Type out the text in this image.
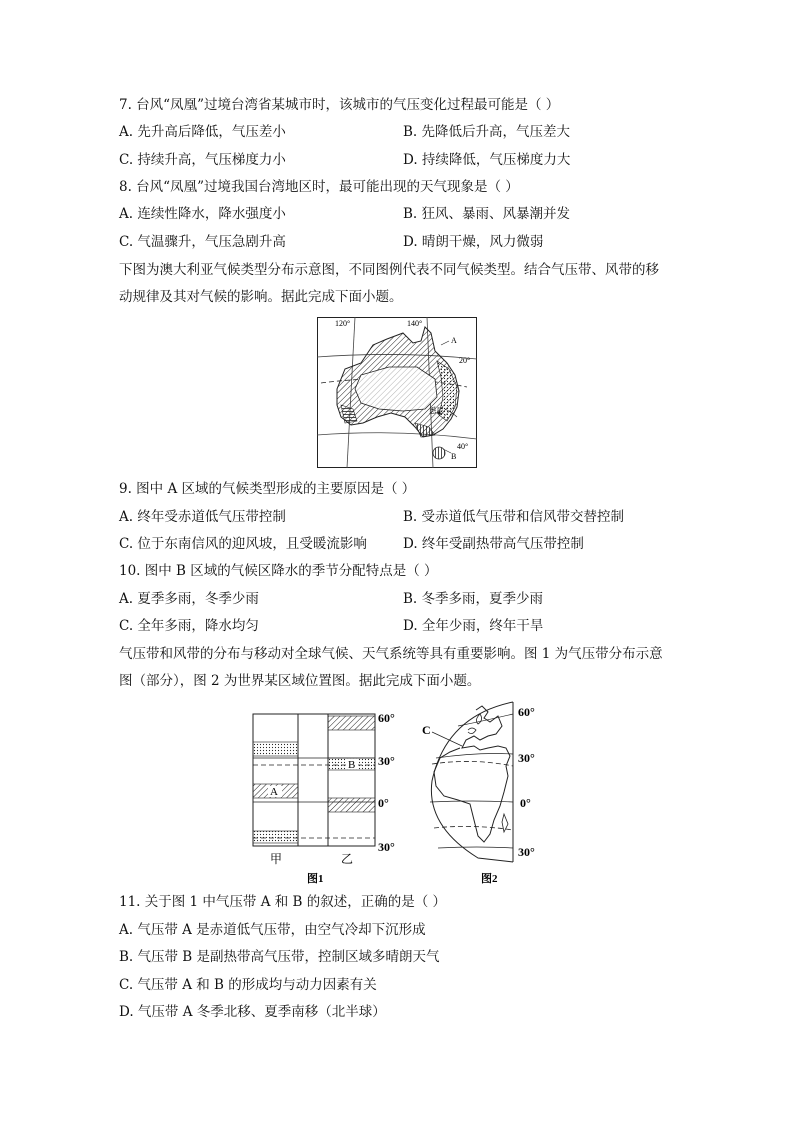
7. 台风“凤凰”过境台湾省某城市时，该城市的气压变化过程最可能是（ ）
A. 先升高后降低，气压差小	B. 先降低后升高，气压差大
C. 持续升高，气压梯度力小	D. 持续降低，气压梯度力大
8. 台风“凤凰”过境我国台湾地区时，最可能出现的天气现象是（ ）
A. 连续性降水，降水强度小	B. 狂风、暴雨、风暴潮并发
C. 气温骤升，气压急剧升高	D. 晴朗干燥，风力微弱
下图为澳大利亚气候类型分布示意图，不同图例代表不同气候类型。结合气压带、风带的移
动规律及其对气候的影响。据此完成下面小题。
120°	140°
A
20°
悉尼
40°
B
9. 图中 A 区域的气候类型形成的主要原因是（ ）
A. 终年受赤道低气压带控制	B. 受赤道低气压带和信风带交替控制
C. 位于东南信风的迎风坡，且受暖流影响	D. 终年受副热带高气压带控制
10. 图中 B 区域的气候区降水的季节分配特点是（ ）
A. 夏季多雨，冬季少雨	B. 冬季多雨，夏季少雨
C. 全年多雨，降水均匀	D. 全年少雨，终年干旱
气压带和风带的分布与移动对全球气候、天气系统等具有重要影响。图 1 为气压带分布示意
图（部分），图 2 为世界某区域位置图。据此完成下面小题。
A
B
60°
30°
0°
30°
甲	乙
图1
C
60°
30°
0°
30°
图2
11. 关于图 1 中气压带 A 和 B 的叙述，正确的是（ ）
A. 气压带 A 是赤道低气压带，由空气冷却下沉形成
B. 气压带 B 是副热带高气压带，控制区域多晴朗天气
C. 气压带 A 和 B 的形成均与动力因素有关
D. 气压带 A 冬季北移、夏季南移（北半球）
